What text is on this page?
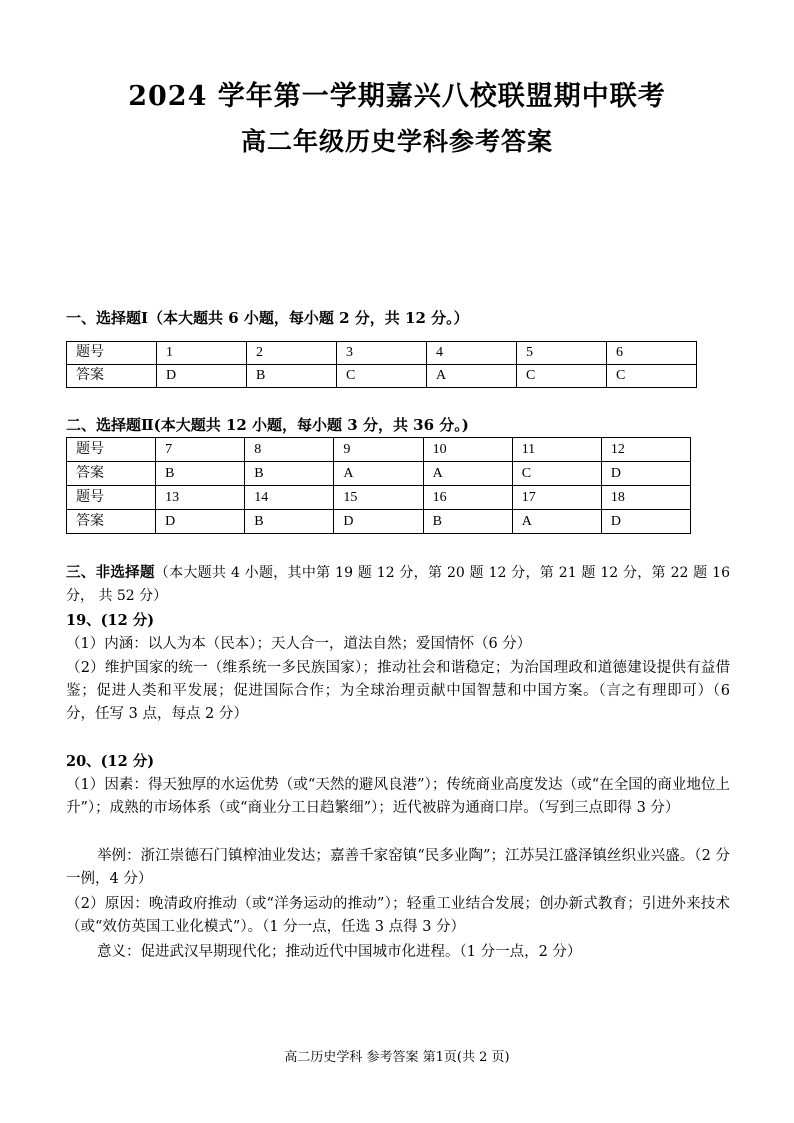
2024 学年第一学期嘉兴八校联盟期中联考
高二年级历史学科参考答案
一、选择题Ⅰ（本大题共 6 小题，每小题 2 分，共 12 分。）
题号	1	2	3	4	5	6
答案	D	B	C	A	C	C
二、选择题Ⅱ(本大题共 12 小题，每小题 3 分，共 36 分。)
题号	7	8	9	10	11	12
答案	B	B	A	A	C	D
题号	13	14	15	16	17	18
答案	D	B	D	B	A	D
三、非选择题（本大题共 4 小题，其中第 19 题 12 分，第 20 题 12 分，第 21 题 12 分，第 22 题 16 分， 共 52 分）
19、(12 分)
（1）内涵：以人为本（民本）；天人合一，道法自然；爱国情怀（6 分）
（2）维护国家的统一（维系统一多民族国家）；推动社会和谐稳定；为治国理政和道德建设提供有益借鉴；促进人类和平发展；促进国际合作；为全球治理贡献中国智慧和中国方案。（言之有理即可）（6 分，任写 3 点，每点 2 分）
20、(12 分)
（1）因素：得天独厚的水运优势（或“天然的避风良港”）；传统商业高度发达（或“在全国的商业地位上升”）；成熟的市场体系（或“商业分工日趋繁细”）；近代被辟为通商口岸。（写到三点即得 3 分）
举例：浙江崇德石门镇榨油业发达；嘉善千家窑镇“民多业陶”；江苏吴江盛泽镇丝织业兴盛。（2 分一例，4 分）
（2）原因：晚清政府推动（或“洋务运动的推动”）；轻重工业结合发展；创办新式教育；引进外来技术（或“效仿英国工业化模式”）。（1 分一点，任选 3 点得 3 分）
意义：促进武汉早期现代化；推动近代中国城市化进程。（1 分一点，2 分）
高二历史学科 参考答案 第1页(共 2 页)
